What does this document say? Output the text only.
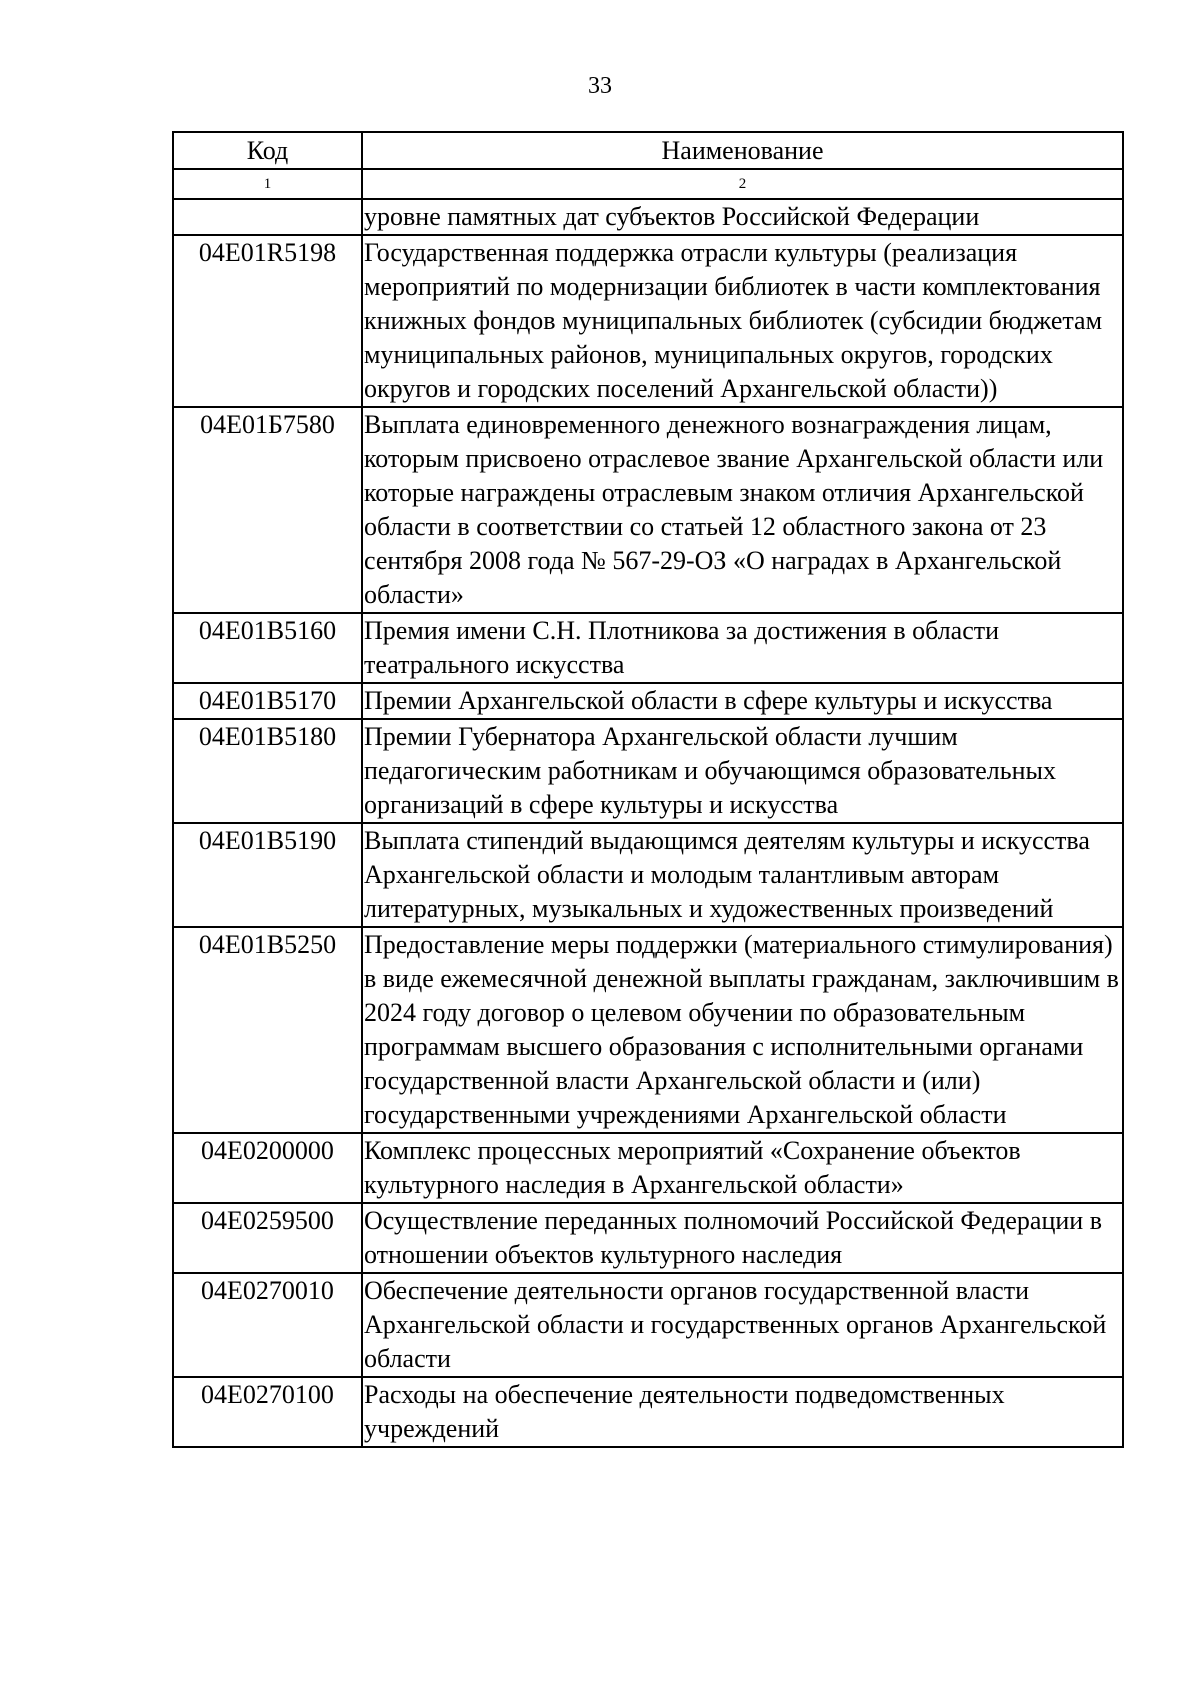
33
Код	Наименование
1	2
	уровне памятных дат субъектов Российской Федерации
04Е01R5198	Государственная поддержка отрасли культуры (реализация мероприятий по модернизации библиотек в части комплектования книжных фондов муниципальных библиотек (субсидии бюджетам муниципальных районов, муниципальных округов, городских округов и городских поселений Архангельской области))
04Е01Б7580	Выплата единовременного денежного вознаграждения лицам, которым присвоено отраслевое звание Архангельской области или которые награждены отраслевым знаком отличия Архангельской области в соответствии со статьей 12 областного закона от 23 сентября 2008 года № 567-29-ОЗ «О наградах в Архангельской области»
04Е01В5160	Премия имени С.Н. Плотникова за достижения в области театрального искусства
04Е01В5170	Премии Архангельской области в сфере культуры и искусства
04Е01В5180	Премии Губернатора Архангельской области лучшим педагогическим работникам и обучающимся образовательных организаций в сфере культуры и искусства
04Е01В5190	Выплата стипендий выдающимся деятелям культуры и искусства Архангельской области и молодым талантливым авторам литературных, музыкальных и художественных произведений
04Е01В5250	Предоставление меры поддержки (материального стимулирования) в виде ежемесячной денежной выплаты гражданам, заключившим в 2024 году договор о целевом обучении по образовательным программам высшего образования с исполнительными органами государственной власти Архангельской области и (или) государственными учреждениями Архангельской области
04Е0200000	Комплекс процессных мероприятий «Сохранение объектов культурного наследия в Архангельской области»
04Е0259500	Осуществление переданных полномочий Российской Федерации в отношении объектов культурного наследия
04Е0270010	Обеспечение деятельности органов государственной власти Архангельской области и государственных органов Архангельской области
04Е0270100	Расходы на обеспечение деятельности подведомственных учреждений
